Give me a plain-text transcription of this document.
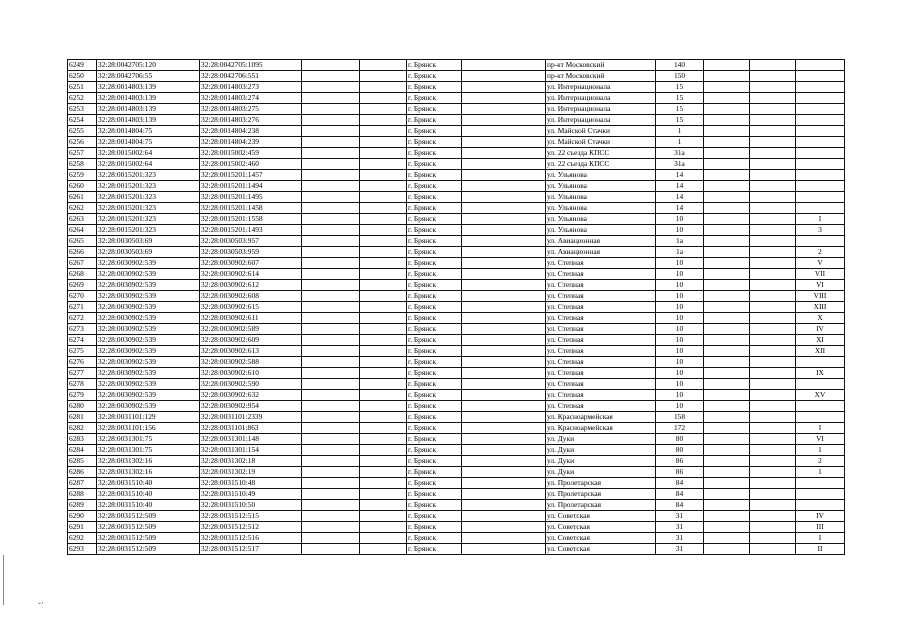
6249	32:28:0042705:120	32:28:0042705:1095			г. Брянск		пр-кт Московский	140			
6250	32:28:0042706:55	32:28:0042706:551			г. Брянск		пр-кт Московский	150			
6251	32:28:0014803:139	32:28:0014803:273			г. Брянск		ул. Интернационала	15			
6252	32:28:0014803:139	32:28:0014803:274			г. Брянск		ул. Интернационала	15			
6253	32:28:0014803:139	32:28:0014803:275			г. Брянск		ул. Интернационала	15			
6254	32:28:0014803:139	32:28:0014803:276			г. Брянск		ул. Интернационала	15			
6255	32:28:0014804:75	32:28:0014804:238			г. Брянск		ул. Майской Стачки	1			
6256	32:28:0014804:75	32:28:0014804:239			г. Брянск		ул. Майской Стачки	1			
6257	32:28:0015002:64	32:28:0015002:459			г. Брянск		ул. 22 съезда КПСС	31а			
6258	32:28:0015002:64	32:28:0015002:460			г. Брянск		ул. 22 съезда КПСС	31а			
6259	32:28:0015201:323	32:28:0015201:1457			г. Брянск		ул. Ульянова	14			
6260	32:28:0015201:323	32:28:0015201:1494			г. Брянск		ул. Ульянова	14			
6261	32:28:0015201:323	32:28:0015201:1495			г. Брянск		ул. Ульянова	14			
6262	32:28:0015201:323	32:28:0015201:1458			г. Брянск		ул. Ульянова	14			
6263	32:28:0015201:323	32:28:0015201:1558			г. Брянск		ул. Ульянова	10			I
6264	32:28:0015201:323	32:28:0015201:1493			г. Брянск		ул. Ульянова	10			3
6265	32:28:0030503:69	32:28:0030503:957			г. Брянск		ул. Авиационная	1а			
6266	32:28:0030503:69	32:28:0030503:959			г. Брянск		ул. Авиационная	1а			2
6267	32:28:0030902:539	32:28:0030902:607			г. Брянск		ул. Степная	10			V
6268	32:28:0030902:539	32:28:0030902:614			г. Брянск		ул. Степная	10			VII
6269	32:28:0030902:539	32:28:0030902:612			г. Брянск		ул. Степная	10			VI
6270	32:28:0030902:539	32:28:0030902:608			г. Брянск		ул. Степная	10			VIII
6271	32:28:0030902:539	32:28:0030902:615			г. Брянск		ул. Степная	10			XIII
6272	32:28:0030902:539	32:28:0030902:611			г. Брянск		ул. Степная	10			X
6273	32:28:0030902:539	32:28:0030902:589			г. Брянск		ул. Степная	10			IV
6274	32:28:0030902:539	32:28:0030902:609			г. Брянск		ул. Степная	10			XI
6275	32:28:0030902:539	32:28:0030902:613			г. Брянск		ул. Степная	10			XII
6276	32:28:0030902:539	32:28:0030902:588			г. Брянск		ул. Степная	10			
6277	32:28:0030902:539	32:28:0030902:610			г. Брянск		ул. Степная	10			IX
6278	32:28:0030902:539	32:28:0030902:590			г. Брянск		ул. Степная	10			
6279	32:28:0030902:539	32:28:0030902:632			г. Брянск		ул. Степная	10			XV
6280	32:28:0030902:539	32:28:0030902:954			г. Брянск		ул. Степная	10			
6281	32:28:0031101:129	32:28:0031101:2339			г. Брянск		ул. Красноармейская	158			
6282	32:28:0031101:156	32:28:0031101:863			г. Брянск		ул. Красноармейская	172			I
6283	32:28:0031301:75	32:28:0031301:148			г. Брянск		ул. Дуки	80			VI
6284	32:28:0031301:75	32:28:0031301:154			г. Брянск		ул. Дуки	80			1
6285	32:28:0031302:16	32:28:0031302:18			г. Брянск		ул. Дуки	86			2
6286	32:28:0031302:16	32:28:0031302:19			г. Брянск		ул. Дуки	86			1
6287	32:28:0031510:40	32:28:0031510:48			г. Брянск		ул. Пролетарская	84			
6288	32:28:0031510:40	32:28:0031510:49			г. Брянск		ул. Пролетарская	84			
6289	32:28:0031510:40	32:28:0031510:50			г. Брянск		ул. Пролетарская	84			
6290	32:28:0031512:509	32:28:0031512:515			г. Брянск		ул. Советская	31			IV
6291	32:28:0031512:509	32:28:0031512:512			г. Брянск		ул. Советская	31			III
6292	32:28:0031512:509	32:28:0031512:516			г. Брянск		ул. Советская	31			I
6293	32:28:0031512:509	32:28:0031512:517			г. Брянск		ул. Советская	31			II
-‧
